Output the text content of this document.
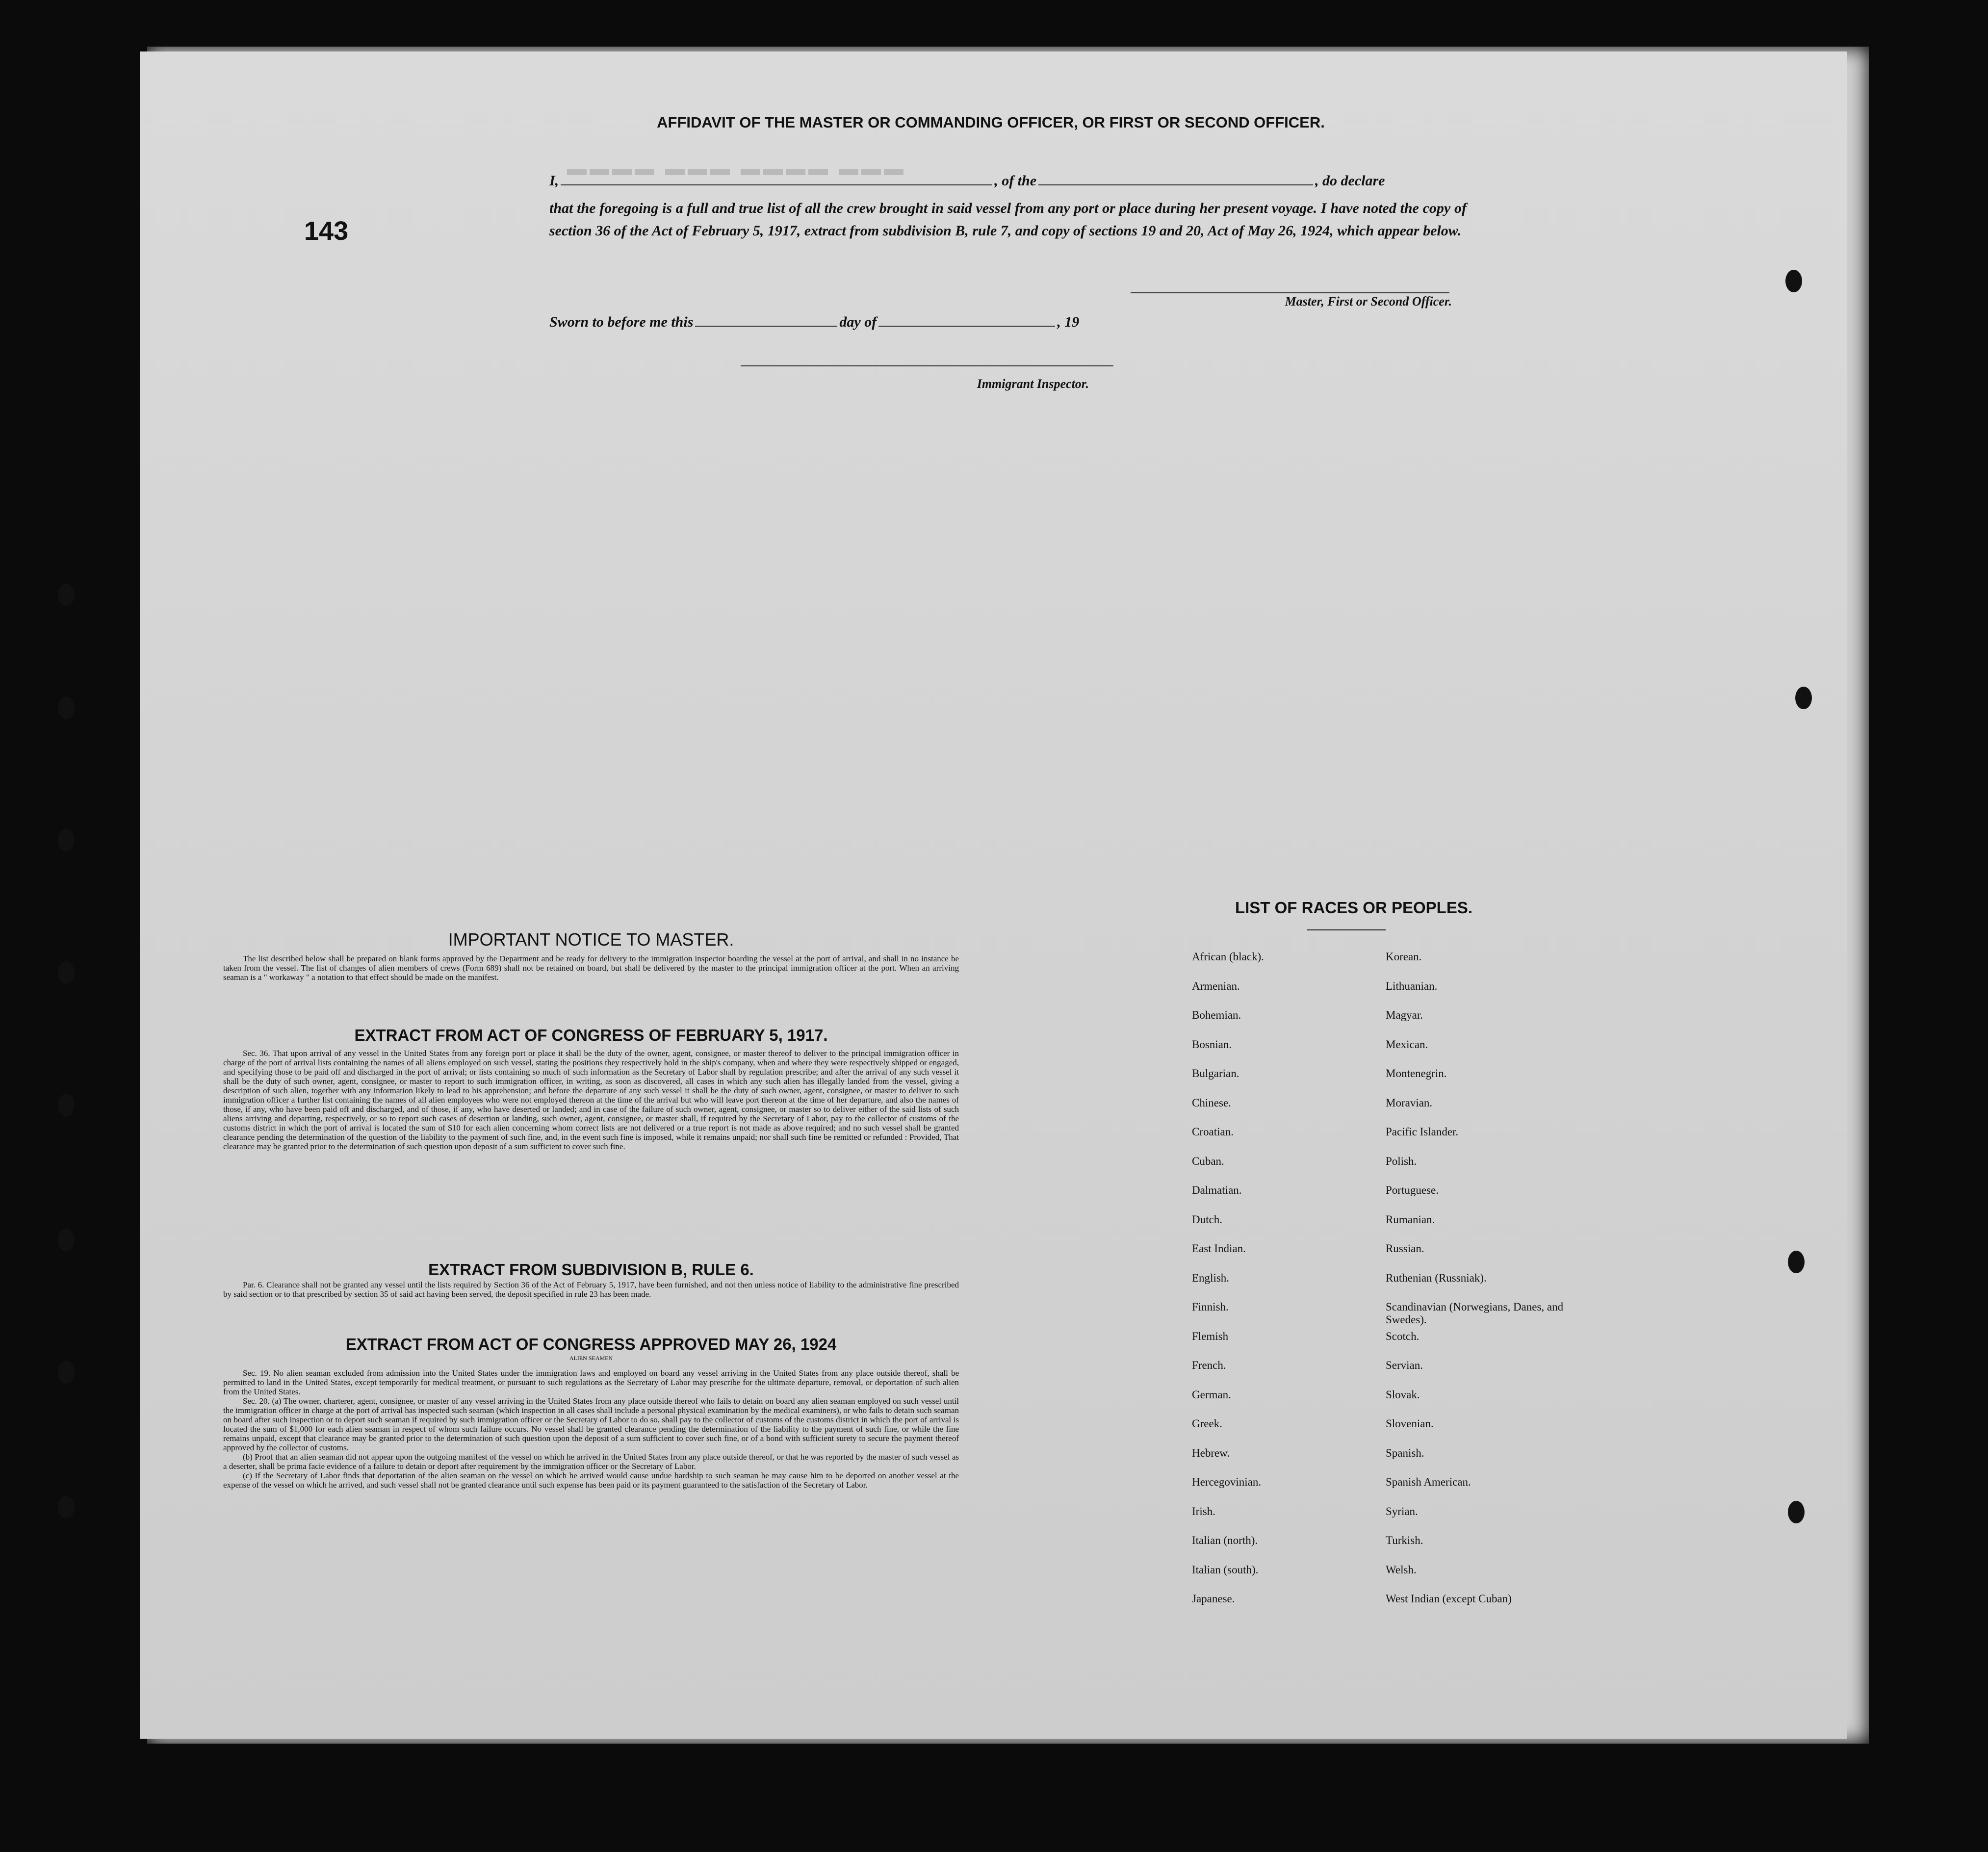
▬▬▬ ▬▬▬▬ ▬▬▬ ▬▬▬▬
143
AFFIDAVIT OF THE MASTER OR COMMANDING OFFICER, OR FIRST OR SECOND OFFICER.
I,	, of the	, do declare
that the foregoing is a full and true list of all the crew brought in said vessel from any port or place during her present voyage. I have noted the copy of section 36 of the Act of February 5, 1917, extract from subdivision B, rule 7, and copy of sections 19 and 20, Act of May 26, 1924, which appear below.
Master, First or Second Officer.
Sworn to before me this	day of	, 19
Immigrant Inspector.
IMPORTANT NOTICE TO MASTER.

The list described below shall be prepared on blank forms approved by the Department and be ready for delivery to the immigration inspector boarding the vessel at the port of arrival, and shall in no instance be taken from the vessel. The list of changes of alien members of crews (Form 689) shall not be retained on board, but shall be delivered by the master to the principal immigration officer at the port. When an arriving seaman is a " workaway " a notation to that effect should be made on the manifest.

EXTRACT FROM ACT OF CONGRESS OF FEBRUARY 5, 1917.

Sec. 36. That upon arrival of any vessel in the United States from any foreign port or place it shall be the duty of the owner, agent, consignee, or master thereof to deliver to the principal immigration officer in charge of the port of arrival lists containing the names of all aliens employed on such vessel, stating the positions they respectively hold in the ship's company, when and where they were respectively shipped or engaged, and specifying those to be paid off and discharged in the port of arrival; or lists containing so much of such information as the Secretary of Labor shall by regulation prescribe; and after the arrival of any such vessel it shall be the duty of such owner, agent, consignee, or master to report to such immigration officer, in writing, as soon as discovered, all cases in which any such alien has illegally landed from the vessel, giving a description of such alien, together with any information likely to lead to his apprehension; and before the departure of any such vessel it shall be the duty of such owner, agent, consignee, or master to deliver to such immigration officer a further list containing the names of all alien employees who were not employed thereon at the time of the arrival but who will leave port thereon at the time of her departure, and also the names of those, if any, who have been paid off and discharged, and of those, if any, who have deserted or landed; and in case of the failure of such owner, agent, consignee, or master so to deliver either of the said lists of such aliens arriving and departing, respectively, or so to report such cases of desertion or landing, such owner, agent, consignee, or master shall, if required by the Secretary of Labor, pay to the collector of customs of the customs district in which the port of arrival is located the sum of $10 for each alien concerning whom correct lists are not delivered or a true report is not made as above required; and no such vessel shall be granted clearance pending the determination of the question of the liability to the payment of such fine, and, in the event such fine is imposed, while it remains unpaid; nor shall such fine be remitted or refunded : Provided, That clearance may be granted prior to the determination of such question upon deposit of a sum sufficient to cover such fine.

EXTRACT FROM SUBDIVISION B, RULE 6.

Par. 6. Clearance shall not be granted any vessel until the lists required by Section 36 of the Act of February 5, 1917, have been furnished, and not then unless notice of liability to the administrative fine prescribed by said section or to that prescribed by section 35 of said act having been served, the deposit specified in rule 23 has been made.

EXTRACT FROM ACT OF CONGRESS APPROVED MAY 26, 1924
ALIEN SEAMEN

Sec. 19. No alien seaman excluded from admission into the United States under the immigration laws and employed on board any vessel arriving in the United States from any place outside thereof, shall be permitted to land in the United States, except temporarily for medical treatment, or pursuant to such regulations as the Secretary of Labor may prescribe for the ultimate departure, removal, or deportation of such alien from the United States.

Sec. 20. (a) The owner, charterer, agent, consignee, or master of any vessel arriving in the United States from any place outside thereof who fails to detain on board any alien seaman employed on such vessel until the immigration officer in charge at the port of arrival has inspected such seaman (which inspection in all cases shall include a personal physical examination by the medical examiners), or who fails to detain such seaman on board after such inspection or to deport such seaman if required by such immigration officer or the Secretary of Labor to do so, shall pay to the collector of customs of the customs district in which the port of arrival is located the sum of $1,000 for each alien seaman in respect of whom such failure occurs. No vessel shall be granted clearance pending the determination of the liability to the payment of such fine, or while the fine remains unpaid, except that clearance may be granted prior to the determination of such question upon the deposit of a sum sufficient to cover such fine, or of a bond with sufficient surety to secure the payment thereof approved by the collector of customs.

(b) Proof that an alien seaman did not appear upon the outgoing manifest of the vessel on which he arrived in the United States from any place outside thereof, or that he was reported by the master of such vessel as a deserter, shall be prima facie evidence of a failure to detain or deport after requirement by the immigration officer or the Secretary of Labor.

(c) If the Secretary of Labor finds that deportation of the alien seaman on the vessel on which he arrived would cause undue hardship to such seaman he may cause him to be deported on another vessel at the expense of the vessel on which he arrived, and such vessel shall not be granted clearance until such expense has been paid or its payment guaranteed to the satisfaction of the Secretary of Labor.

LIST OF RACES OR PEOPLES.
African (black).
Armenian.
Bohemian.
Bosnian.
Bulgarian.
Chinese.
Croatian.
Cuban.
Dalmatian.
Dutch.
East Indian.
English.
Finnish.
Flemish
French.
German.
Greek.
Hebrew.
Hercegovinian.
Irish.
Italian (north).
Italian (south).
Japanese.
Korean.
Lithuanian.
Magyar.
Mexican.
Montenegrin.
Moravian.
Pacific Islander.
Polish.
Portuguese.
Rumanian.
Russian.
Ruthenian (Russniak).
Scandinavian (Norwegians, Danes, and Swedes).
Scotch.
Servian.
Slovak.
Slovenian.
Spanish.
Spanish American.
Syrian.
Turkish.
Welsh.
West Indian (except Cuban)
